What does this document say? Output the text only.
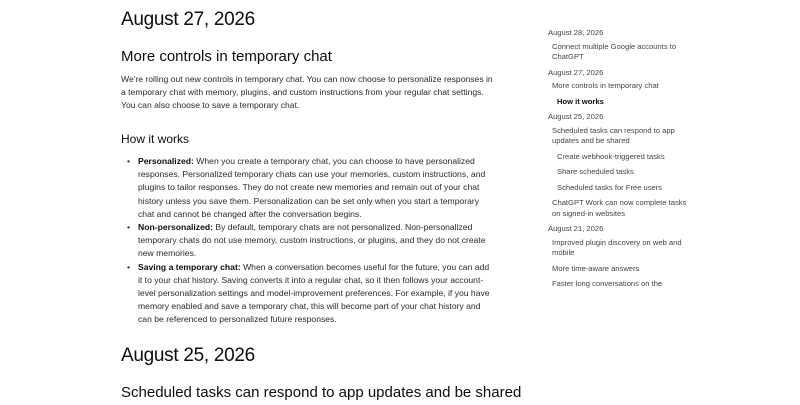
August 27, 2026
More controls in temporary chat

We're rolling out new controls in temporary chat. You can now choose to personalize responses in a temporary chat with memory, plugins, and custom instructions from your regular chat settings. You can also choose to save a temporary chat.

How it works
• Personalized: When you create a temporary chat, you can choose to have personalized responses. Personalized temporary chats can use your memories, custom instructions, and plugins to tailor responses. They do not create new memories and remain out of your chat history unless you save them. Personalization can be set only when you start a temporary chat and cannot be changed after the conversation begins.
• Non-personalized: By default, temporary chats are not personalized. Non-personalized temporary chats do not use memory, custom instructions, or plugins, and they do not create new memories.
• Saving a temporary chat: When a conversation becomes useful for the future, you can add it to your chat history. Saving converts it into a regular chat, so it then follows your account-level personalization settings and model-improvement preferences. For example, if you have memory enabled and save a temporary chat, this will become part of your chat history and can be referenced to personalized future responses.
August 25, 2026
Scheduled tasks can respond to app updates and be shared
August 28, 2026
Connect multiple Google accounts to ChatGPT
August 27, 2026
More controls in temporary chat
How it works
August 25, 2026
Scheduled tasks can respond to app updates and be shared
Create webhook-triggered tasks
Share scheduled tasks
Scheduled tasks for Free users
ChatGPT Work can now complete tasks on signed-in websites
August 21, 2026
Improved plugin discovery on web and mobile
More time-aware answers
Faster long conversations on the
